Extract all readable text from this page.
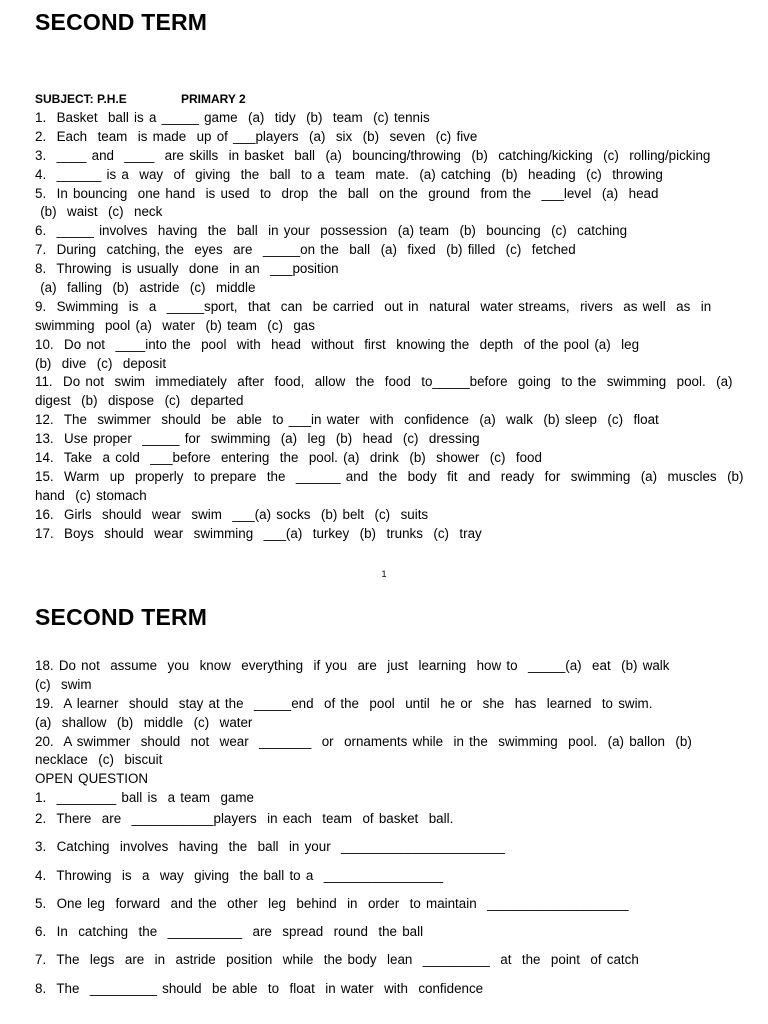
SECOND TERM
SUBJECT: P.H.E	PRIMARY 2
1.  Basket  ball is a _____ game  (a)  tidy  (b)  team  (c) tennis
2.  Each  team  is made  up of ___players  (a)  six  (b)  seven  (c) five
3.  ____ and  ____  are skills  in basket  ball  (a)  bouncing/throwing  (b)  catching/kicking  (c)  rolling/picking
4.  ______ is a  way  of  giving  the  ball  to a  team  mate.  (a) catching  (b)  heading  (c)  throwing
5.  In bouncing  one hand  is used  to  drop  the  ball  on the  ground  from the  ___level  (a)  head
(b)  waist  (c)  neck
6.  _____ involves  having  the  ball  in your  possession  (a) team  (b)  bouncing  (c)  catching
7.  During  catching, the  eyes  are  _____on the  ball  (a)  fixed  (b) filled  (c)  fetched
8.  Throwing  is usually  done  in an  ___position
(a)  falling  (b)  astride  (c)  middle
9.  Swimming  is  a  _____sport,  that  can  be carried  out in  natural  water streams,  rivers  as well  as  in
swimming  pool (a)  water  (b) team  (c)  gas
10.  Do not  ____into the  pool  with  head  without  first  knowing the  depth  of the pool (a)  leg
(b)  dive  (c)  deposit
11.  Do not  swim  immediately  after  food,  allow  the  food  to_____before  going  to the  swimming  pool.  (a)
digest  (b)  dispose  (c)  departed
12.  The  swimmer  should  be  able  to ___in water  with  confidence  (a)  walk  (b) sleep  (c)  float
13.  Use proper  _____ for  swimming  (a)  leg  (b)  head  (c)  dressing
14.  Take  a cold  ___before  entering  the  pool. (a)  drink  (b)  shower  (c)  food
15.  Warm  up  properly  to prepare  the  ______ and  the  body  fit  and  ready  for  swimming  (a)  muscles  (b)
hand  (c) stomach
16.  Girls  should  wear  swim  ___(a) socks  (b) belt  (c)  suits
17.  Boys  should  wear  swimming  ___(a)  turkey  (b)  trunks  (c)  tray
1
SECOND TERM
18. Do not  assume  you  know  everything  if you  are  just  learning  how to  _____(a)  eat  (b) walk
(c)  swim
19.  A learner  should  stay at the  _____end  of the  pool  until  he or  she  has  learned  to swim.
(a)  shallow  (b)  middle  (c)  water
20.  A swimmer  should  not  wear  _______  or  ornaments while  in the  swimming  pool.  (a) ballon  (b)
necklace  (c)  biscuit
OPEN QUESTION
1.  ________ ball is  a team  game
2.  There  are  ___________players  in each  team  of basket  ball.
3.  Catching  involves  having  the  ball  in your  ______________________
4.  Throwing  is  a  way  giving  the ball to a  ________________
5.  One leg  forward  and the  other  leg  behind  in  order  to maintain  ___________________
6.  In  catching  the  __________  are  spread  round  the ball
7.  The  legs  are  in  astride  position  while  the body  lean  _________  at  the  point  of catch
8.  The  _________ should  be able  to  float  in water  with  confidence
